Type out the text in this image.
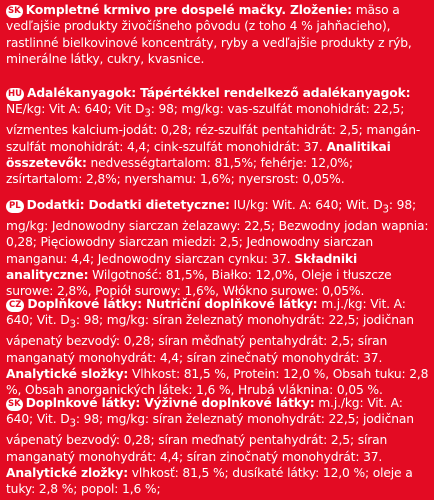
SK Kompletné krmivo pre dospelé mačky. Zloženie: mäso a vedľajšie produkty živočíšneho pôvodu (z toho 4 % jahňacieho), rastlinné bielkovinové koncentráty, ryby a vedľajšie produkty z rýb, minerálne látky, cukry, kvasnice.
HU Adalékanyagok: Tápértékkel rendelkező adalékanyagok: NE/kg: Vit A: 640; Vit $D_3$: 98; mg/kg: vas-szulfát monohidrát: 22,5; vízmentes kalcium-jodát: 0,28; réz-szulfát pentahidrát: 2,5; mangán-szulfát monohidrát: 4,4; cink-szulfát monohidrát: 37. Analitikai összetevők: nedvességtartalom: 81,5%; fehérje: 12,0%; zsírtartalom: 2,8%; nyershamu: 1,6%; nyersrost: 0,05%.
PL Dodatki: Dodatki dietetyczne: IU/kg: Wit. A: 640; Wit. $D_3$: 98; mg/kg: Jednowodny siarczan żelazawy: 22,5; Bezwodny jodan wapnia: 0,28; Pięciowodny siarczan miedzi: 2,5; Jednowodny siarczan manganu: 4,4; Jednowodny siarczan cynku: 37. Składniki analityczne: Wilgotność: 81,5%, Białko: 12,0%, Oleje i tłuszcze surowe: 2,8%, Popiół surowy: 1,6%, Włókno surowe: 0,05%.
CZ Doplňkové látky: Nutriční doplňkové látky: m.j./kg: Vit. A: 640; Vit. $D_3$: 98; mg/kg: síran železnatý monohydrát: 22,5; jodičnan vápenatý bezvodý: 0,28; síran měďnatý pentahydrát: 2,5; síran manganatý monohydrát: 4,4; síran zinečnatý monohydrát: 37. Analytické složky: Vlhkost: 81,5 %, Protein: 12,0 %, Obsah tuku: 2,8 %, Obsah anorganických látek: 1,6 %, Hrubá vláknina: 0,05 %.
SK Doplnkové látky: Výživné doplnkové látky: m.j./kg: Vit. A: 640; Vit. $D_3$: 98; mg/kg: síran železnatý monohydrát: 22,5; jodičnan vápenatý bezvodý: 0,28; síran meďnatý pentahydrát: 2,5; síran manganatý monohydrát: 4,4; síran zinočnatý monohydrát: 37. Analytické zložky: vlhkosť: 81,5 %; dusíkaté látky: 12,0 %; oleje a tuky: 2,8 %; popol: 1,6 %;
